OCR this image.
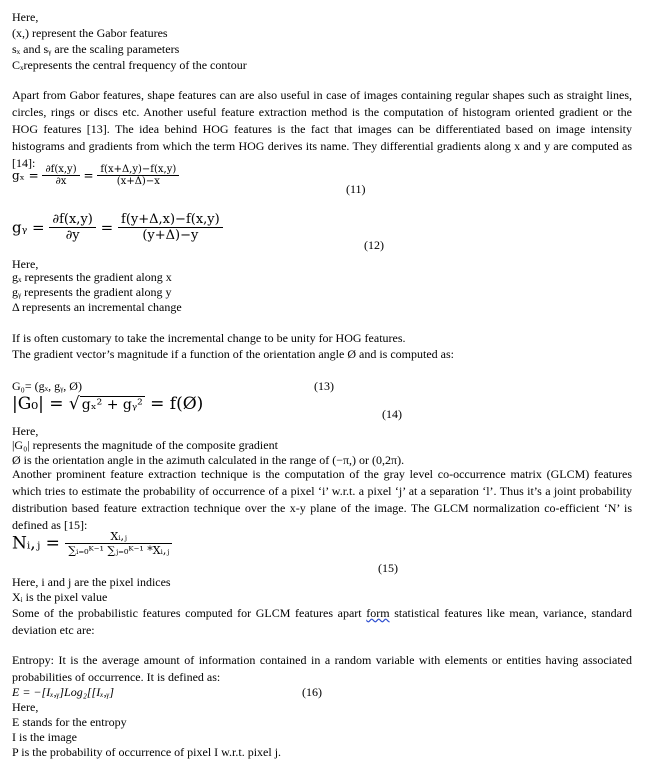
Here,
(x,) represent the Gabor features
sₓ and sᵧ are the scaling parameters
Cₓrepresents the central frequency of the contour
Apart from Gabor features, shape features can are also useful in case of images containing regular shapes such as straight lines, circles, rings or discs etc. Another useful feature extraction method is the computation of histogram oriented gradient or the HOG features [13]. The idea behind HOG features is the fact that images can be differentiated based on image intensity histograms and gradients from which the term HOG derives its name. They differential gradients along x and y are computed as [14]:
$g_x = \frac{\partial f(x,y)}{\partial x} = \frac{f(x+\Delta,y)-f(x,y)}{(x+\Delta)-x}$
(11)
gᵧ = $\frac{\partial f(x,y)}{\partial y} = \frac{f(y+\Delta,x)-f(x,y)}{(y+\Delta)-y}$
(12)
Here,
gₓ represents the gradient along x
gᵧ represents the gradient along y
Δ represents an incremental change
If is often customary to take the incremental change to be unity for HOG features.
The gradient vector’s magnitude if a function of the orientation angle Ø and is computed as:
G₀= (gₓ, gᵧ, Ø)	(13)
|G₀| = √ gₓ² + gᵧ² = f(Ø)	(14)
Here,
|G₀| represents the magnitude of the composite gradient
Ø is the orientation angle in the azimuth calculated in the range of (−π,) or (0,2π).
Another prominent feature extraction technique is the computation of the gray level co-occurrence matrix (GLCM) features which tries to estimate the probability of occurrence of a pixel ‘i’ w.r.t. a pixel ‘j’ at a separation ‘l’. Thus it’s a joint probability distribution based feature extraction technique over the x-y plane of the image. The GLCM normalization co-efficient ‘N’ is defined as [15]:
Nᵢ,ⱼ = $\frac{\text{Xᵢ,ⱼ}}{\text{∑ᵢ₌₀ᴷ⁻¹ ∑ⱼ₌₀ᴷ⁻¹ *Xᵢ,ⱼ}}$
(15)
Here, i and j are the pixel indices
Xᵢ is the pixel value
Some of the probabilistic features computed for GLCM features apart form statistical features like mean, variance, standard deviation etc are:
Entropy: It is the average amount of information contained in a random variable with elements or entities having associated probabilities of occurrence. It is defined as:
E = −[Iₓ,ᵧ]Log₂[[Iₓ,ᵧ]	(16)
Here,
E stands for the entropy
I is the image
P is the probability of occurrence of pixel I w.r.t. pixel j.
